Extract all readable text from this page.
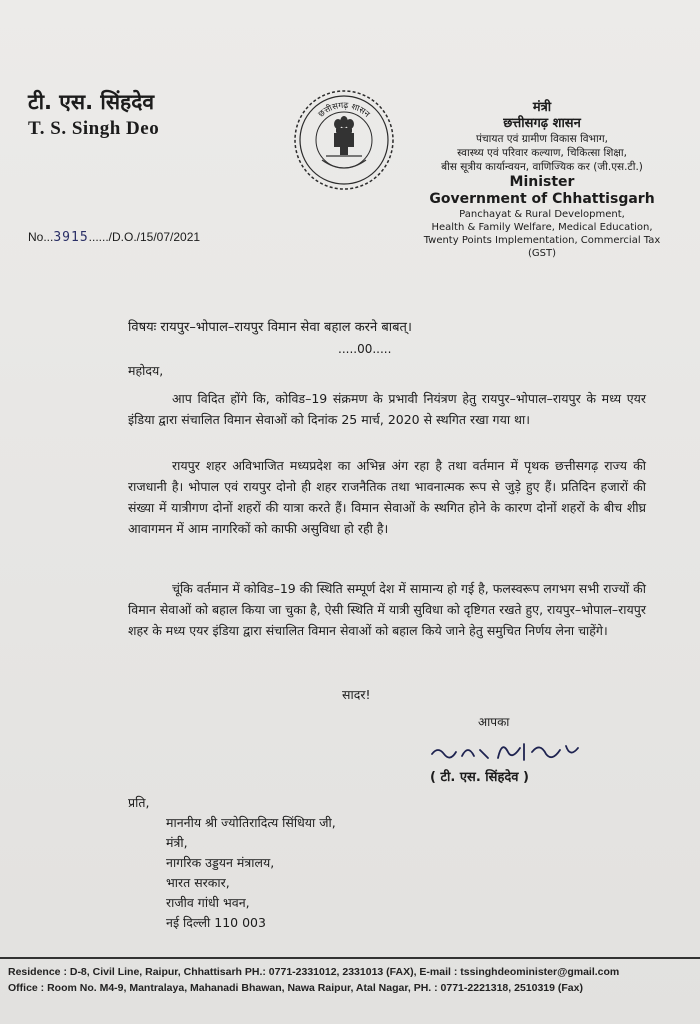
टी. एस. सिंहदेव
T. S. Singh Deo
छत्तीसगढ़ शासन	मंत्री
छत्तीसगढ़ शासन
पंचायत एवं ग्रामीण विकास विभाग,
स्वास्थ्य एवं परिवार कल्याण, चिकित्सा शिक्षा,
बीस सूत्रीय कार्यान्वयन, वाणिज्यिक कर (जी.एस.टी.)
Minister
Government of Chhattisgarh
Panchayat & Rural Development,
Health & Family Welfare, Medical Education,
Twenty Points Implementation, Commercial Tax (GST)
No...3915....../D.O./15/07/2021
विषयः रायपुर–भोपाल–रायपुर विमान सेवा बहाल करने बाबत्।
.....00.....
महोदय,
आप विदित होंगे कि, कोविड–19 संक्रमण के प्रभावी नियंत्रण हेतु रायपुर–भोपाल–रायपुर के मध्य एयर इंडिया द्वारा संचालित विमान सेवाओं को दिनांक 25 मार्च, 2020 से स्थगित रखा गया था।
रायपुर शहर अविभाजित मध्यप्रदेश का अभिन्न अंग रहा है तथा वर्तमान में पृथक छत्तीसगढ़ राज्य की राजधानी है। भोपाल एवं रायपुर दोनो ही शहर राजनैतिक तथा भावनात्मक रूप से जुड़े हुए हैं। प्रतिदिन हजारों की संख्या में यात्रीगण दोनों शहरों की यात्रा करते हैं। विमान सेवाओं के स्थगित होने के कारण दोनों शहरों के बीच शीघ्र आवागमन में आम नागरिकों को काफी असुविधा हो रही है।
चूंकि वर्तमान में कोविड–19 की स्थिति सम्पूर्ण देश में सामान्य हो गई है, फलस्वरूप लगभग सभी राज्यों की विमान सेवाओं को बहाल किया जा चुका है, ऐसी स्थिति में यात्री सुविधा को दृष्टिगत रखते हुए, रायपुर–भोपाल–रायपुर शहर के मध्य एयर इंडिया द्वारा संचालित विमान सेवाओं को बहाल किये जाने हेतु समुचित निर्णय लेना चाहेंगे।
सादर!
आपका
( टी. एस. सिंहदेव )
प्रति,
माननीय श्री ज्योतिरादित्य सिंधिया जी,
मंत्री,
नागरिक उड्डयन मंत्रालय,
भारत सरकार,
राजीव गांधी भवन,
नई दिल्ली 110 003
Residence : D-8, Civil Line, Raipur, Chhattisarh PH.: 0771-2331012, 2331013 (FAX), E-mail : tssinghdeominister@gmail.com
Office : Room No. M4-9, Mantralaya, Mahanadi Bhawan, Nawa Raipur, Atal Nagar, PH. : 0771-2221318, 2510319 (Fax)
